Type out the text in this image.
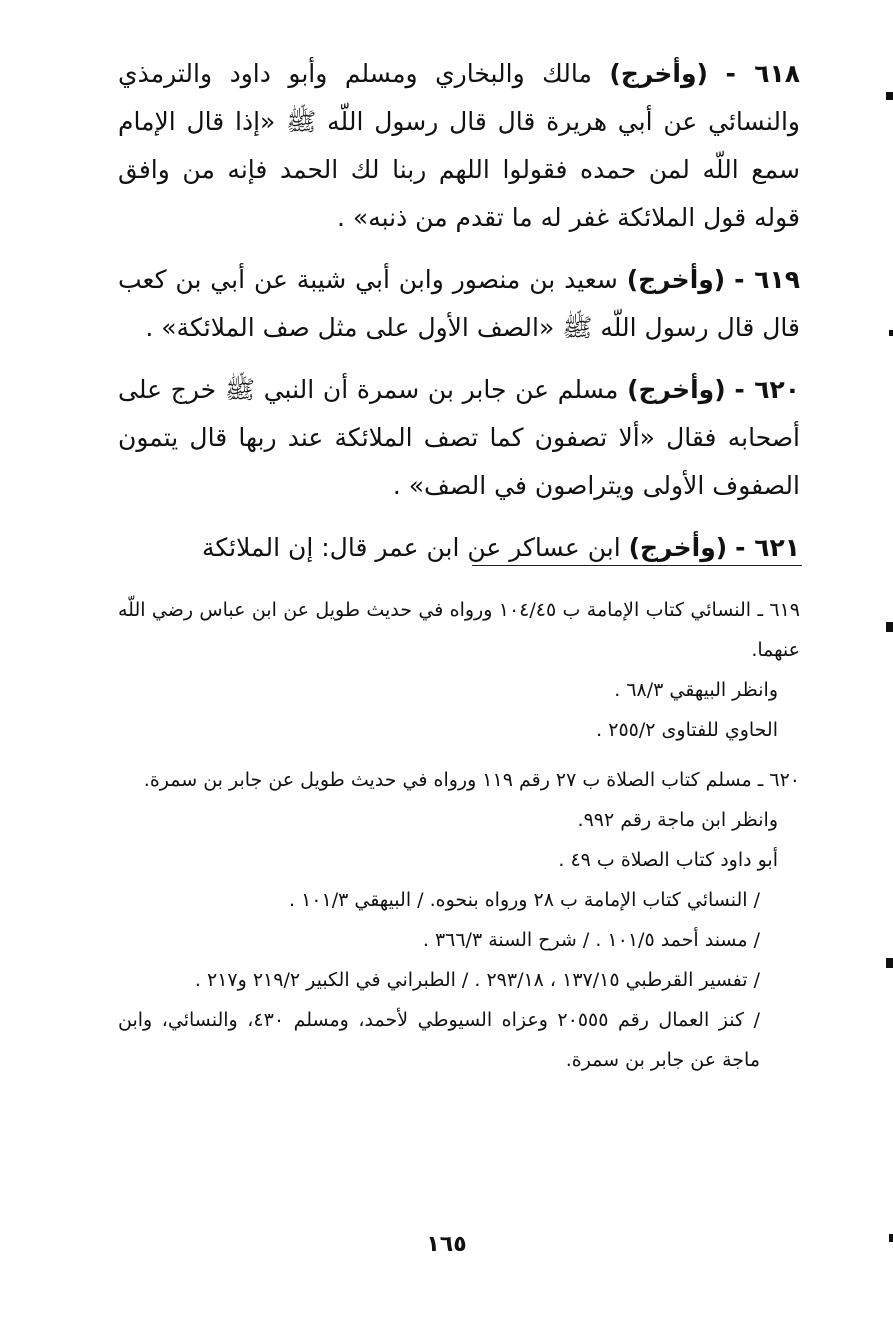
٦١٨ - (وأخرج) مالك والبخاري ومسلم وأبو داود والترمذي والنسائي عن أبي هريرة قال قال رسول اللّه ﷺ «إذا قال الإمام سمع اللّه لمن حمده فقولوا اللهم ربنا لك الحمد فإنه من وافق قوله قول الملائكة غفر له ما تقدم من ذنبه» .

٦١٩ - (وأخرج) سعيد بن منصور وابن أبي شيبة عن أبي بن كعب قال قال رسول اللّه ﷺ «الصف الأول على مثل صف الملائكة» .

٦٢٠ - (وأخرج) مسلم عن جابر بن سمرة أن النبي ﷺ خرج على أصحابه فقال «ألا تصفون كما تصف الملائكة عند ربها قال يتمون الصفوف الأولى ويتراصون في الصف» .

٦٢١ - (وأخرج) ابن عساكر عن ابن عمر قال: إن الملائكة

٦١٩ ـ النسائي كتاب الإمامة ب ١٠٤/٤٥ ورواه في حديث طويل عن ابن عباس رضي اللّه عنهما.
وانظر البيهقي ٦٨/٣ .
الحاوي للفتاوى ٢٥٥/٢ .
٦٢٠ ـ مسلم كتاب الصلاة ب ٢٧ رقم ١١٩ ورواه في حديث طويل عن جابر بن سمرة.
وانظر ابن ماجة رقم ٩٩٢.
أبو داود كتاب الصلاة ب ٤٩ .
/ النسائي كتاب الإمامة ب ٢٨ ورواه بنحوه. / البيهقي ١٠١/٣ .
/ مسند أحمد ١٠١/٥ . / شرح السنة ٣٦٦/٣ .
/ تفسير القرطبي ١٣٧/١٥ ، ٢٩٣/١٨ . / الطبراني في الكبير ٢١٩/٢ و٢١٧ .
/ كنز العمال رقم ٢٠٥٥٥ وعزاه السيوطي لأحمد، ومسلم ٤٣٠، والنسائي، وابن ماجة عن جابر بن سمرة.
١٦٥
